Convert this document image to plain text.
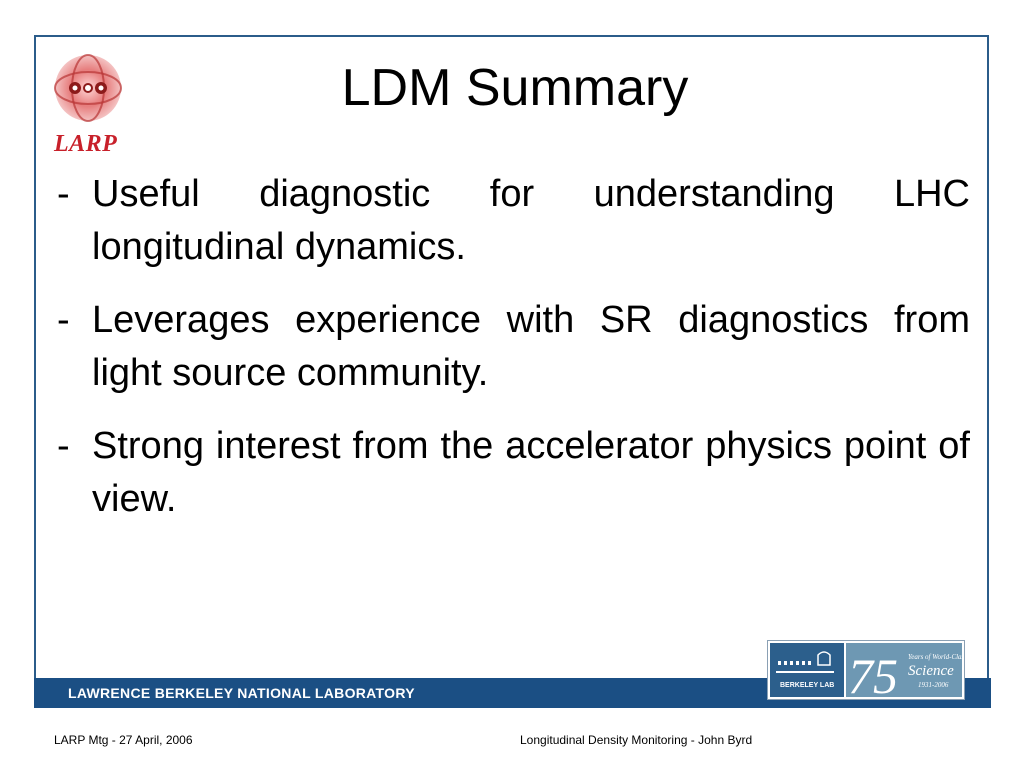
LARP
LDM Summary
- Useful diagnostic for understanding LHC longitudinal dynamics.
- Leverages experience with SR diagnostics from light source community.
- Strong interest from the accelerator physics point of view.
LAWRENCE BERKELEY NATIONAL LABORATORY	BERKELEY LAB 75 Years of World-Class
Science
1931-2006
LARP Mtg - 27 April, 2006	Longitudinal Density Monitoring - John Byrd
